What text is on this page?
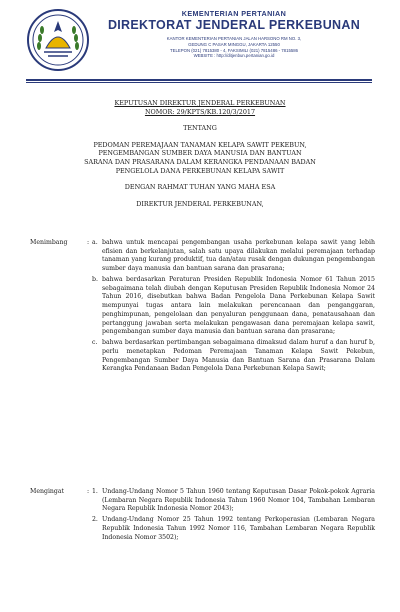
KEMENTERIAN PERTANIAN
DIREKTORAT JENDERAL PERKEBUNAN
KANTOR KEMENTERIAN PERTANIAN JALAN HARSONO RM NO. 3,
GEDUNG C PASAR MINGGU, JAKARTA 12550
TELEPON (021) 7815380 - 4, FAKSIMILI (021) 7815486 - 7815586
WEBSITE : http://ditjenbun.pertanian.go.id
KEPUTUSAN DIREKTUR JENDERAL PERKEBUNAN
NOMOR: 29/KPTS/KB.120/3/2017
TENTANG
PEDOMAN PEREMAJAAN TANAMAN KELAPA SAWIT PEKEBUN,
PENGEMBANGAN SUMBER DAYA MANUSIA DAN BANTUAN
SARANA DAN PRASARANA DALAM KERANGKA PENDANAAN BADAN
PENGELOLA DANA PERKEBUNAN KELAPA SAWIT
DENGAN RAHMAT TUHAN YANG MAHA ESA
DIREKTUR JENDERAL PERKEBUNAN,
Menimbang	: a. bahwa untuk mencapai pengembangan usaha perkebunan kelapa sawit yang lebih efisien dan berkelanjutan, salah satu upaya dilakukan melalui peremajaan terhadap tanaman yang kurang produktif, tua dan/atau rusak dengan dukungan pengembangan sumber daya manusia dan bantuan sarana dan prasarana;
b. bahwa berdasarkan Peraturan Presiden Republik Indonesia Nomor 61 Tahun 2015 sebagaimana telah diubah dengan Keputusan Presiden Republik Indonesia Nomor 24 Tahun 2016, disebutkan bahwa Badan Pengelola Dana Perkebunan Kelapa Sawit mempunyai tugas antara lain melakukan perencanaan dan penganggaran, penghimpunan, pengelolaan dan penyaluran penggunaan dana, penatausahaan dan pertanggung jawaban serta melakukan pengawasan dana peremajaan kelapa sawit, pengembangan sumber daya manusia dan bantuan sarana dan prasarana;
c. bahwa berdasarkan pertimbangan sebagaimana dimaksud dalam huruf a dan huruf b, perlu menetapkan Pedoman Peremajaan Tanaman Kelapa Sawit Pekebun, Pengembangan Sumber Daya Manusia dan Bantuan Sarana dan Prasarana Dalam Kerangka Pendanaan Badan Pengelola Dana Perkebunan Kelapa Sawit;
Mengingat	: 1. Undang-Undang Nomor 5 Tahun 1960 tentang Keputusan Dasar Pokok-pokok Agraria (Lembaran Negara Republik Indonesia Tahun 1960 Nomor 104, Tambahan Lembaran Negara Republik Indonesia Nomor 2043);
2. Undang-Undang Nomor 25 Tahun 1992 tentang Perkoperasian (Lembaran Negara Republik Indonesia Tahun 1992 Nomor 116, Tambahan Lembaran Negara Republik Indonesia Nomor 3502);
